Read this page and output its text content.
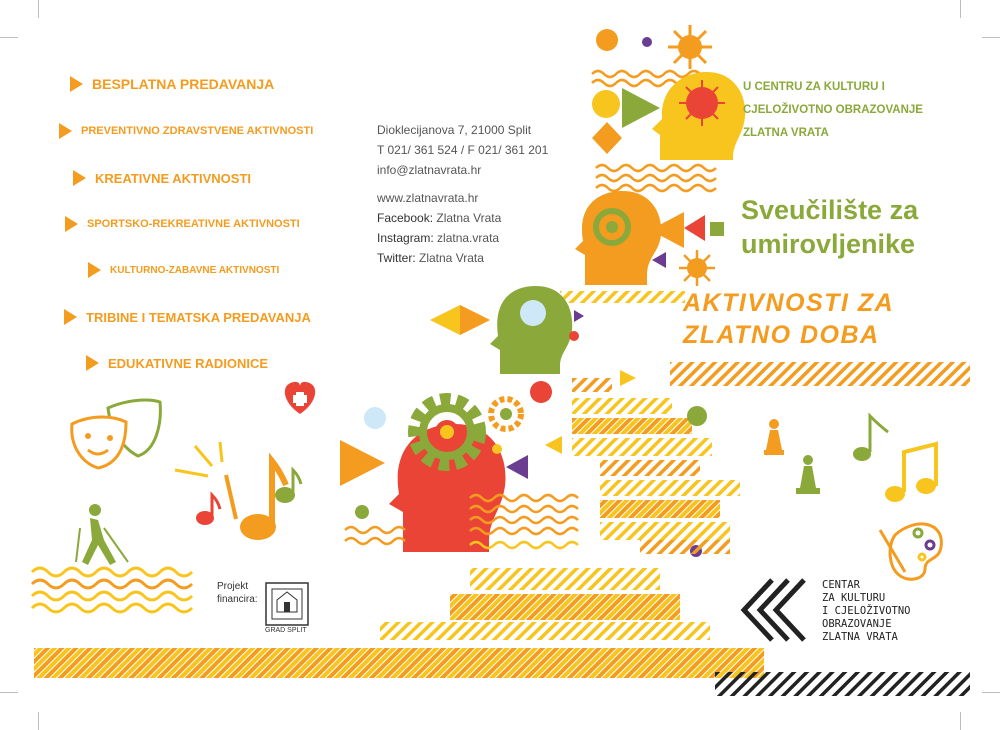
BESPLATNA PREDAVANJA
PREVENTIVNO ZDRAVSTVENE AKTIVNOSTI
KREATIVNE AKTIVNOSTI
SPORTSKO-REKREATIVNE AKTIVNOSTI
KULTURNO-ZABAVNE AKTIVNOSTI
TRIBINE I TEMATSKA PREDAVANJA
EDUKATIVNE RADIONICE
Dioklecijanova 7, 21000 Split
T 021/ 361 524 / F 021/ 361 201
info@zlatnavrata.hr
www.zlatnavrata.hr
Facebook: Zlatna Vrata
Instagram: zlatna.vrata
Twitter: Zlatna Vrata
U CENTRU ZA KULTURU I
CJELOŽIVOTNO OBRAZOVANJE
ZLATNA VRATA
Sveučilište za
umirovljenike
AKTIVNOSTI ZA
ZLATNO DOBA
CENTAR
ZA KULTURU
I CJELOŽIVOTNO
OBRAZOVANJE
ZLATNA VRATA
Projekt
financira:
GRAD SPLIT
